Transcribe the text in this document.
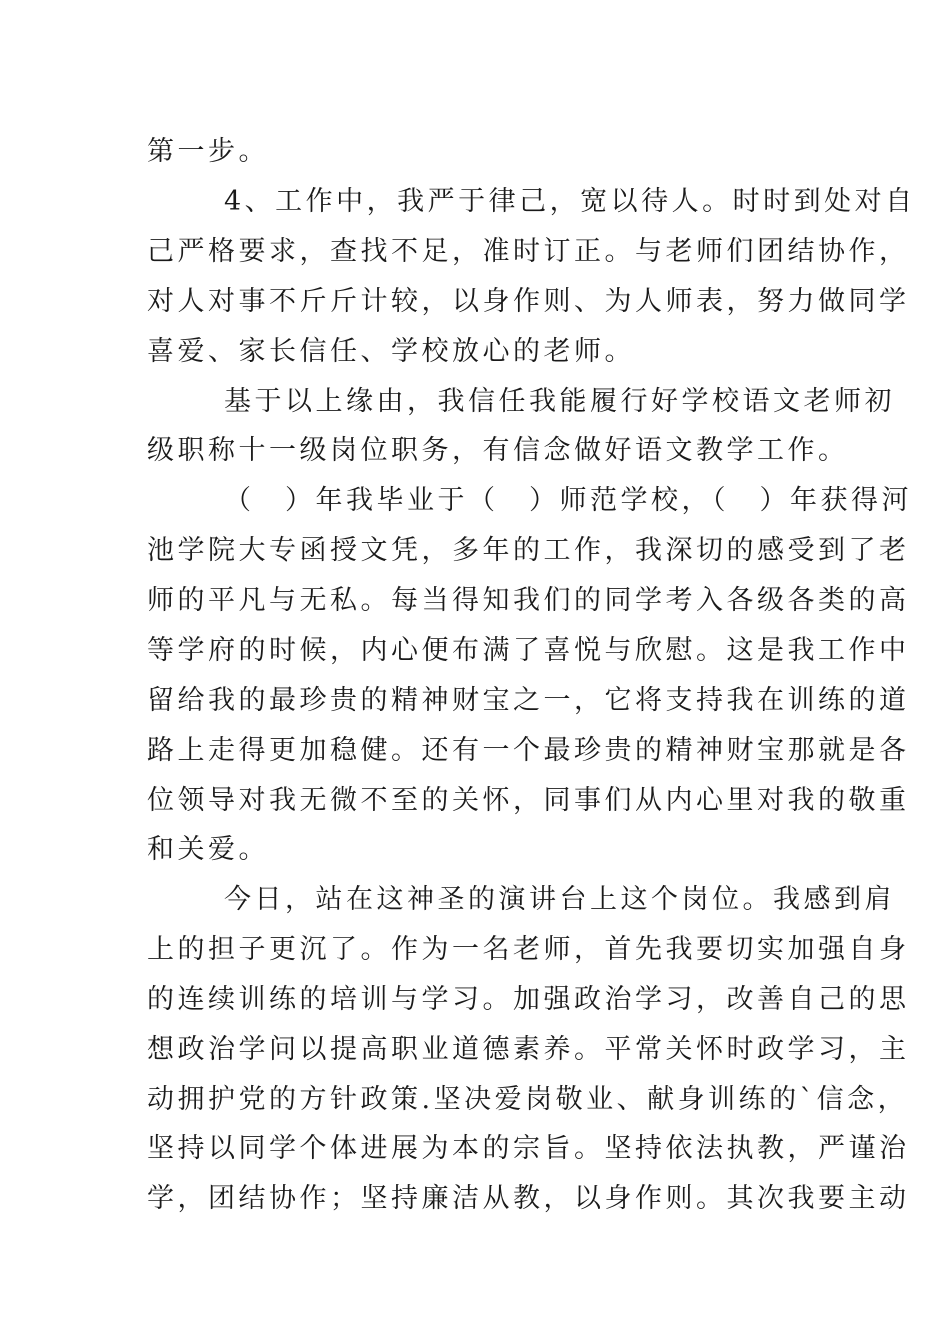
第一步。
4、工作中，我严于律己，宽以待人。时时到处对自
己严格要求，查找不足，准时订正。与老师们团结协作，
对人对事不斤斤计较，以身作则、为人师表，努力做同学
喜爱、家长信任、学校放心的老师。
基于以上缘由，我信任我能履行好学校语文老师初
级职称十一级岗位职务，有信念做好语文教学工作。
（　）年我毕业于（　）师范学校，（　）年获得河
池学院大专函授文凭，多年的工作，我深切的感受到了老
师的平凡与无私。每当得知我们的同学考入各级各类的高
等学府的时候，内心便布满了喜悦与欣慰。这是我工作中
留给我的最珍贵的精神财宝之一，它将支持我在训练的道
路上走得更加稳健。还有一个最珍贵的精神财宝那就是各
位领导对我无微不至的关怀，同事们从内心里对我的敬重
和关爱。
今日，站在这神圣的演讲台上这个岗位。我感到肩
上的担子更沉了。作为一名老师，首先我要切实加强自身
的连续训练的培训与学习。加强政治学习，改善自己的思
想政治学问以提高职业道德素养。平常关怀时政学习，主
动拥护党的方针政策.坚决爱岗敬业、献身训练的`信念，
坚持以同学个体进展为本的宗旨。坚持依法执教，严谨治
学，团结协作；坚持廉洁从教，以身作则。其次我要主动
